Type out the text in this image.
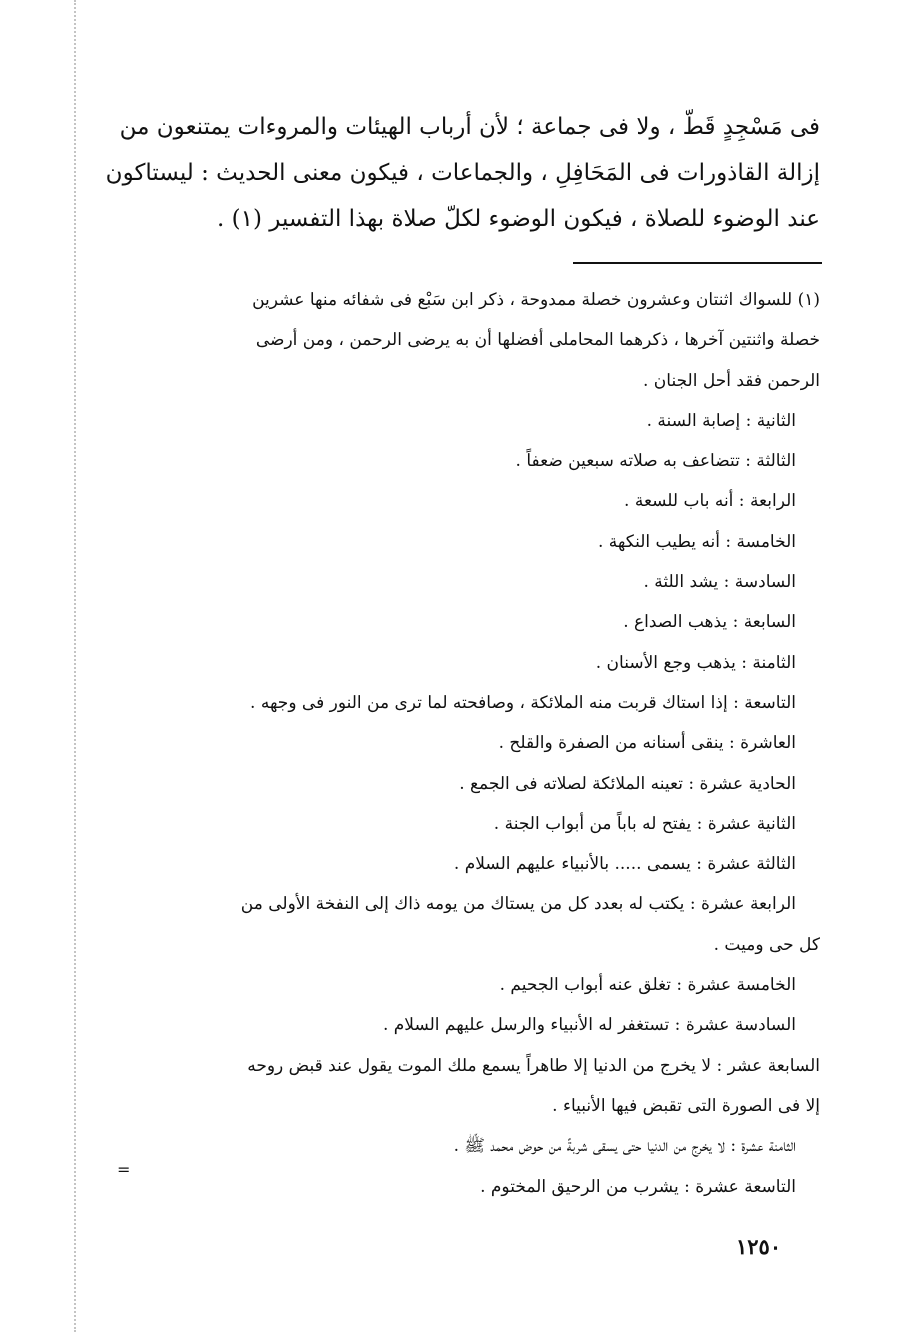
فى مَسْجِدٍ قَطّ ، ولا فى جماعة ؛ لأن أرباب الهيئات والمروءات يمتنعون من

إزالة القاذورات فى المَحَافِلِ ، والجماعات ، فيكون معنى الحديث : ليستاكون

عند الوضوء للصلاة ، فيكون الوضوء لكلّ صلاة بهذا التفسير (١) .

(١) للسواك اثنتان وعشرون خصلة ممدوحة ، ذكر ابن سَبْع فى شفائه منها عشرين

خصلة واثنتين آخرها ، ذكرهما المحاملى أفضلها أن به يرضى الرحمن ، ومن أرضى

الرحمن فقد أحل الجنان .

الثانية : إصابة السنة .

الثالثة : تتضاعف به صلاته سبعين ضعفاً .

الرابعة : أنه باب للسعة .

الخامسة : أنه يطيب النكهة .

السادسة : يشد اللثة .

السابعة : يذهب الصداع .

الثامنة : يذهب وجع الأسنان .

التاسعة : إذا استاك قربت منه الملائكة ، وصافحته لما ترى من النور فى وجهه .

العاشرة : ينقى أسنانه من الصفرة والقلح .

الحادية عشرة : تعينه الملائكة لصلاته فى الجمع .

الثانية عشرة : يفتح له باباً من أبواب الجنة .

الثالثة عشرة : يسمى ..... بالأنبياء عليهم السلام .

الرابعة عشرة : يكتب له بعدد كل من يستاك من يومه ذاك إلى النفخة الأولى من

كل حى وميت .

الخامسة عشرة : تغلق عنه أبواب الجحيم .

السادسة عشرة : تستغفر له الأنبياء والرسل عليهم السلام .

السابعة عشر : لا يخرج من الدنيا إلا طاهراً يسمع ملك الموت يقول عند قبض روحه

إلا فى الصورة التى تقبض فيها الأنبياء .

الثامنة عشرة : لا يخرج من الدنيا حتى يسقى شربةً من حوض محمد ﷺ .

التاسعة عشرة : يشرب من الرحيق المختوم .

=
١٢٥٠
